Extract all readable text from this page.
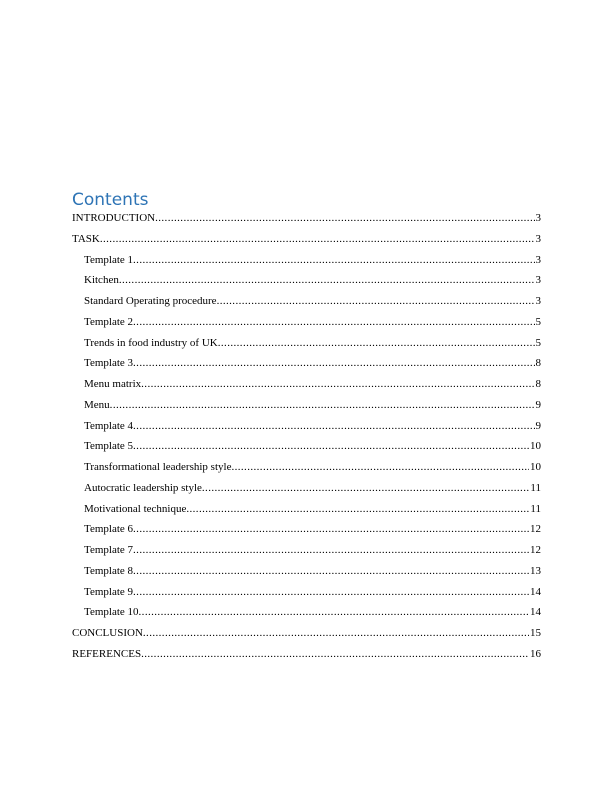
Contents
INTRODUCTION .....	3
TASK .....	3
Template 1 .....	3
Kitchen .....	3
Standard Operating procedure .....	3
Template 2 .....	5
Trends in food industry of UK .....	5
Template 3 .....	8
Menu matrix .....	8
Menu .....	9
Template 4 .....	9
Template 5 .....	10
Transformational leadership style .....	10
Autocratic leadership style .....	11
Motivational technique .....	11
Template 6 .....	12
Template 7 .....	12
Template 8 .....	13
Template 9 .....	14
Template 10 .....	14
CONCLUSION .....	15
REFERENCES .....	16
